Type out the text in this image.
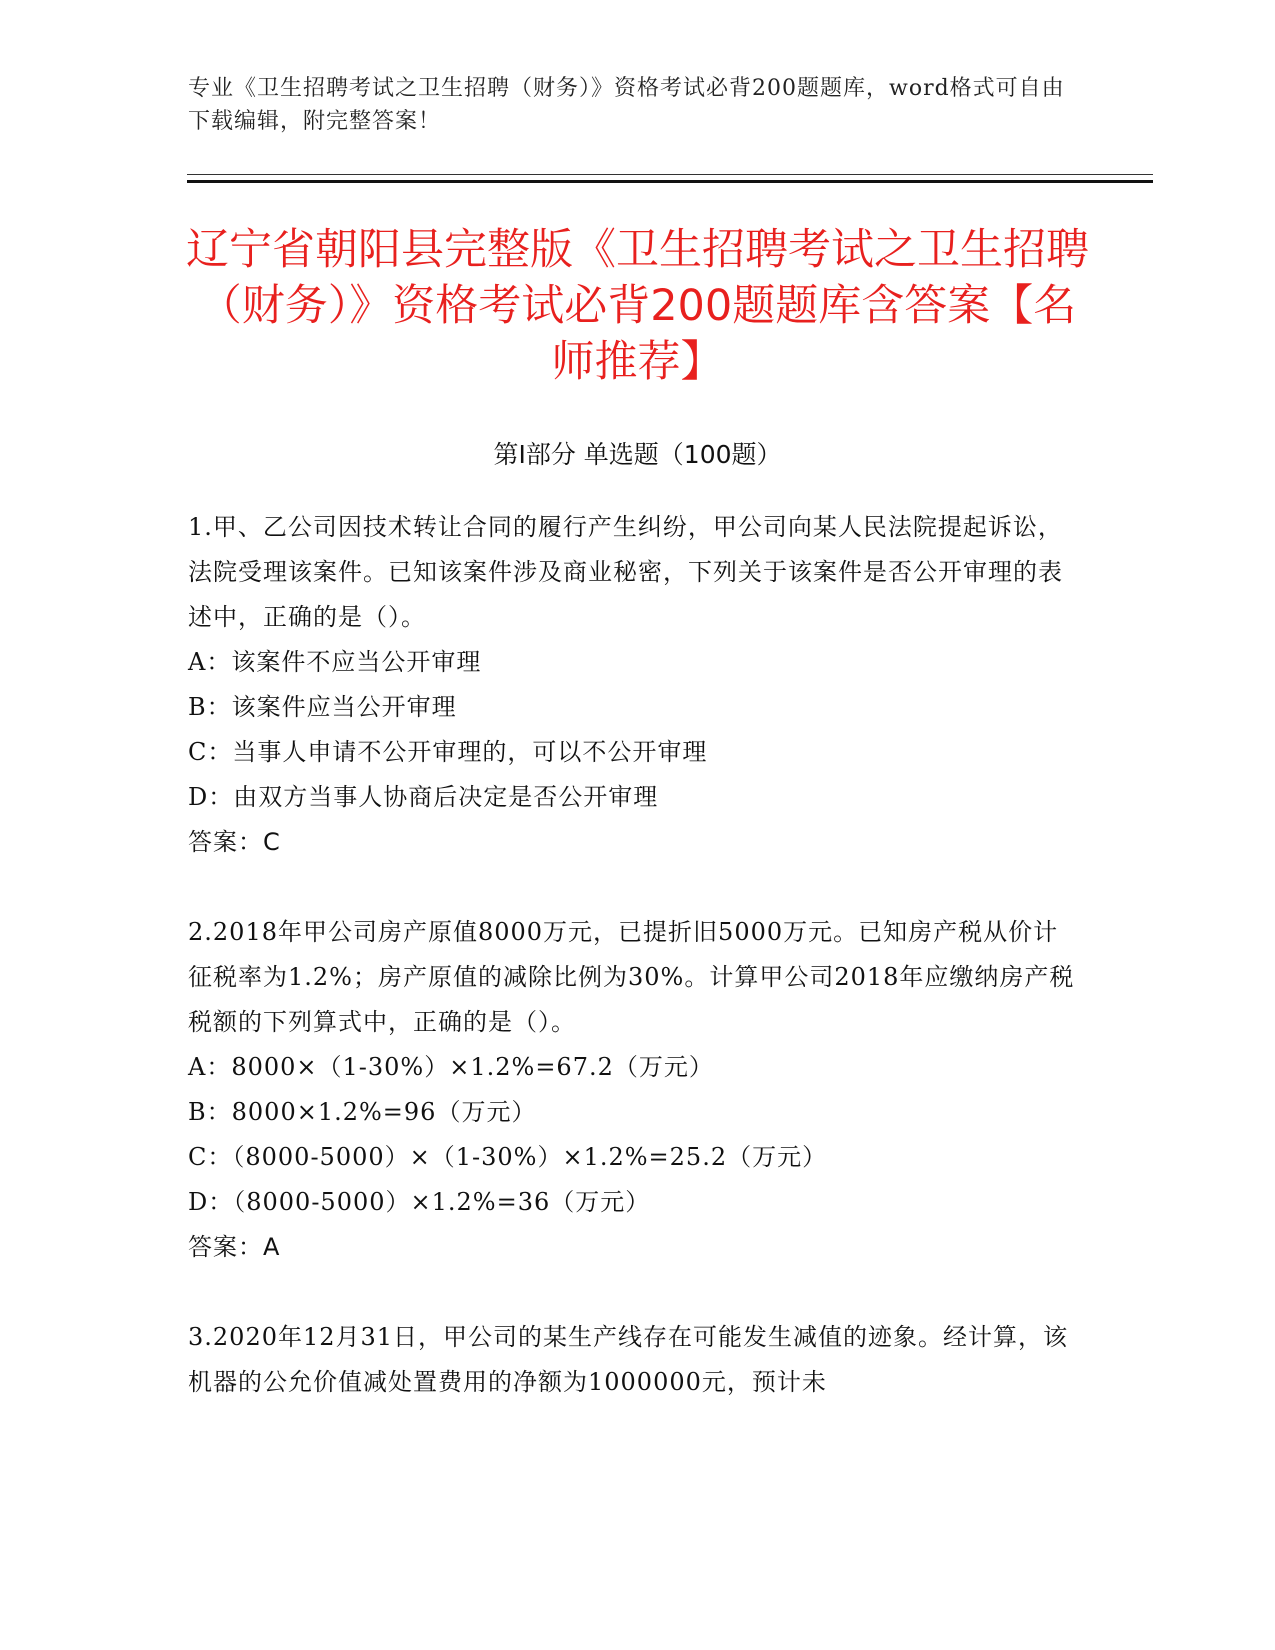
专业《卫生招聘考试之卫生招聘（财务）》资格考试必背200题题库，word格式可自由下载编辑，附完整答案！
辽宁省朝阳县完整版《卫生招聘考试之卫生招聘（财务）》资格考试必背200题题库含答案【名师推荐】
第Ⅰ部分 单选题（100题）
1.甲、乙公司因技术转让合同的履行产生纠纷，甲公司向某人民法院提起诉讼，法院受理该案件。已知该案件涉及商业秘密，下列关于该案件是否公开审理的表述中，正确的是（）。
A：该案件不应当公开审理
B：该案件应当公开审理
C：当事人申请不公开审理的，可以不公开审理
D：由双方当事人协商后决定是否公开审理
答案：C
2.2018年甲公司房产原值8000万元，已提折旧5000万元。已知房产税从价计征税率为1.2%；房产原值的减除比例为30%。计算甲公司2018年应缴纳房产税税额的下列算式中，正确的是（）。
A：8000×（1-30%）×1.2%=67.2（万元）
B：8000×1.2%=96（万元）
C：（8000-5000）×（1-30%）×1.2%=25.2（万元）
D：（8000-5000）×1.2%=36（万元）
答案：A
3.2020年12月31日，甲公司的某生产线存在可能发生减值的迹象。经计算，该机器的公允价值减处置费用的净额为1000000元，预计未
